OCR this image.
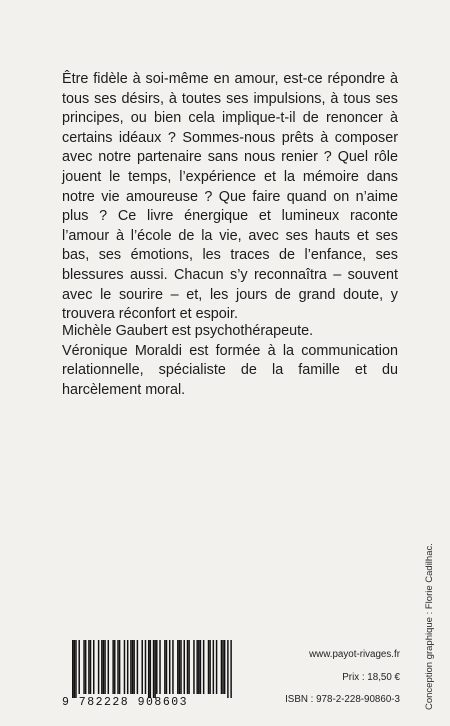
Être fidèle à soi-même en amour, est-ce répondre à tous ses désirs, à toutes ses impulsions, à tous ses principes, ou bien cela implique-t-il de renoncer à certains idéaux ? Sommes-nous prêts à composer avec notre partenaire sans nous renier ? Quel rôle jouent le temps, l’expérience et la mémoire dans notre vie amoureuse ? Que faire quand on n’aime plus ? Ce livre énergique et lumineux raconte l’amour à l’école de la vie, avec ses hauts et ses bas, ses émotions, les traces de l’enfance, ses blessures aussi. Chacun s’y reconnaîtra – souvent avec le sourire – et, les jours de grand doute, y trouvera réconfort et espoir.

Michèle Gaubert est psychothérapeute.

Véronique Moraldi est formée à la communication relationnelle, spécialiste de la famille et du harcèlement moral.

Conception graphique : Florie Cadilhac.
9 782228 908603
www.payot-rivages.fr
Prix : 18,50 €
ISBN : 978-2-228-90860-3
